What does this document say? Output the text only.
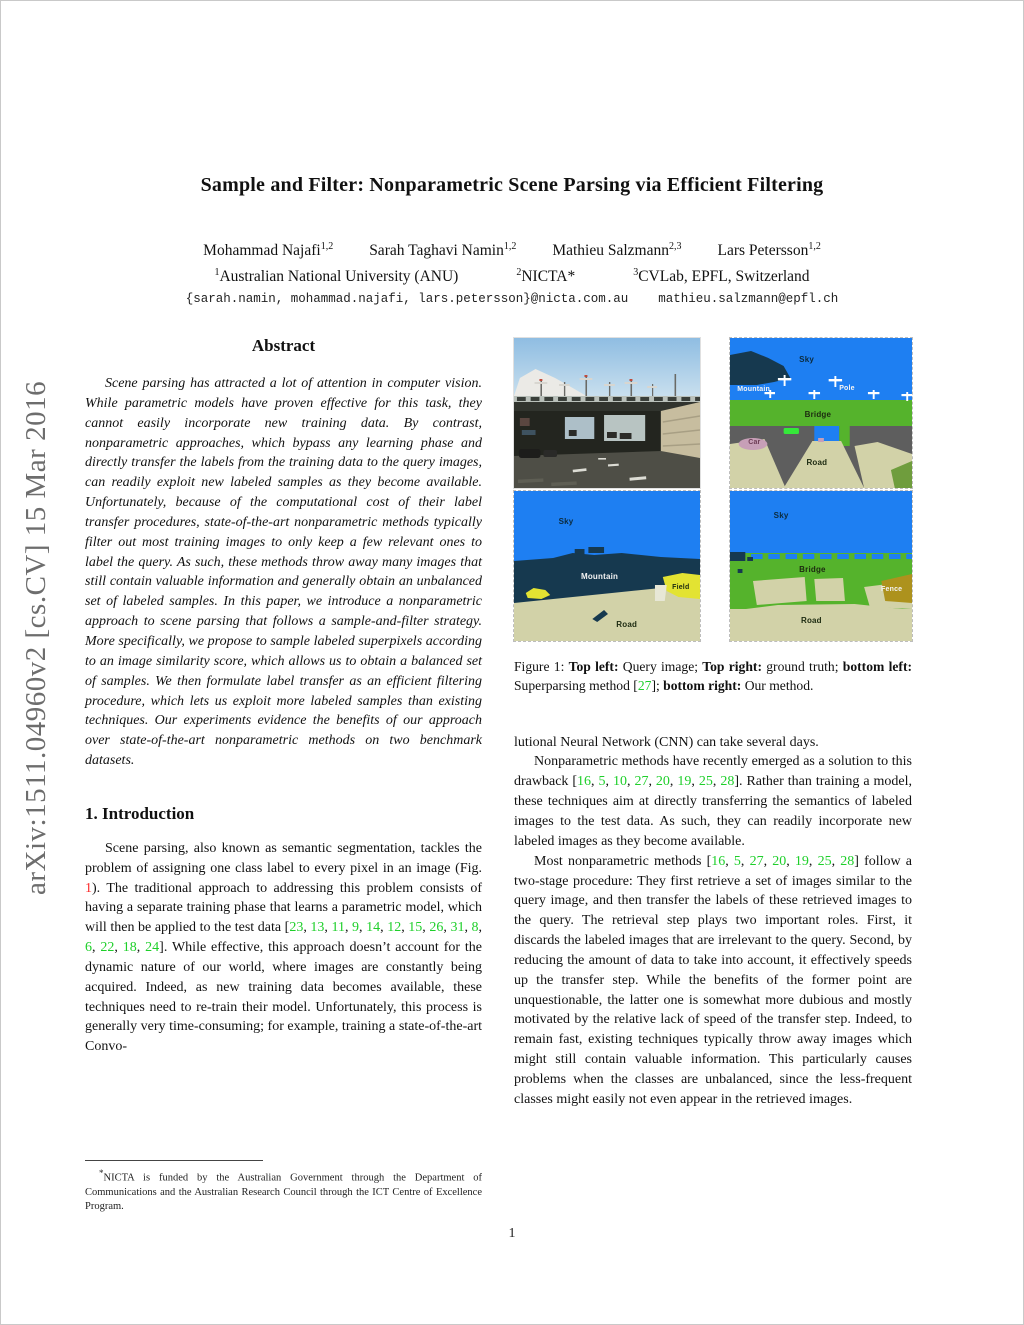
arXiv:1511.04960v2 [cs.CV] 15 Mar 2016
Sample and Filter: Nonparametric Scene Parsing via Efficient Filtering
Mohammad Najafi$^{1,2}$ Sarah Taghavi Namin$^{1,2}$ Mathieu Salzmann$^{2,3}$ Lars Petersson$^{1,2}$
$^1$Australian National University (ANU)	$^2$NICTA*	$^3$CVLab, EPFL, Switzerland
{sarah.namin, mohammad.najafi, lars.petersson}@nicta.com.au    mathieu.salzmann@epfl.ch
Abstract

Scene parsing has attracted a lot of attention in computer vision. While parametric models have proven effective for this task, they cannot easily incorporate new training data. By contrast, nonparametric approaches, which bypass any learning phase and directly transfer the labels from the training data to the query images, can readily exploit new labeled samples as they become available. Unfortunately, because of the computational cost of their label transfer procedures, state-of-the-art nonparametric methods typically filter out most training images to only keep a few relevant ones to label the query. As such, these methods throw away many images that still contain valuable information and generally obtain an unbalanced set of labeled samples. In this paper, we introduce a nonparametric approach to scene parsing that follows a sample-and-filter strategy. More specifically, we propose to sample labeled superpixels according to an image similarity score, which allows us to obtain a balanced set of samples. We then formulate label transfer as an efficient filtering procedure, which lets us exploit more labeled samples than existing techniques. Our experiments evidence the benefits of our approach over state-of-the-art nonparametric methods on two benchmark datasets.

1. Introduction

Scene parsing, also known as semantic segmentation, tackles the problem of assigning one class label to every pixel in an image (Fig. 1). The traditional approach to addressing this problem consists of having a separate training phase that learns a parametric model, which will then be applied to the test data [23, 13, 11, 9, 14, 12, 15, 26, 31, 8, 6, 22, 18, 24]. While effective, this approach doesn’t account for the dynamic nature of our world, where images are constantly being acquired. Indeed, as new training data becomes available, these techniques need to re-train their model. Unfortunately, this process is generally very time-consuming; for example, training a state-of-the-art Convo-

*NICTA is funded by the Australian Government through the Department of Communications and the Australian Research Council through the ICT Centre of Excellence Program.

Sky
Mountain	Pole
Bridge
Car
Road
Sky
Mountain
Field
Road
Sky
Bridge
Fence
Road

Figure 1: Top left: Query image; Top right: ground truth; bottom left: Superparsing method [27]; bottom right: Our method.

lutional Neural Network (CNN) can take several days.

Nonparametric methods have recently emerged as a solution to this drawback [16, 5, 10, 27, 20, 19, 25, 28]. Rather than training a model, these techniques aim at directly transferring the semantics of labeled images to the test data. As such, they can readily incorporate new labeled images as they become available.

Most nonparametric methods [16, 5, 27, 20, 19, 25, 28] follow a two-stage procedure: They first retrieve a set of images similar to the query image, and then transfer the labels of these retrieved images to the query. The retrieval step plays two important roles. First, it discards the labeled images that are irrelevant to the query. Second, by reducing the amount of data to take into account, it effectively speeds up the transfer step. While the benefits of the former point are unquestionable, the latter one is somewhat more dubious and mostly motivated by the relative lack of speed of the transfer step. Indeed, to remain fast, existing techniques typically throw away images which might still contain valuable information. This particularly causes problems when the classes are unbalanced, since the less-frequent classes might easily not even appear in the retrieved images.

1
